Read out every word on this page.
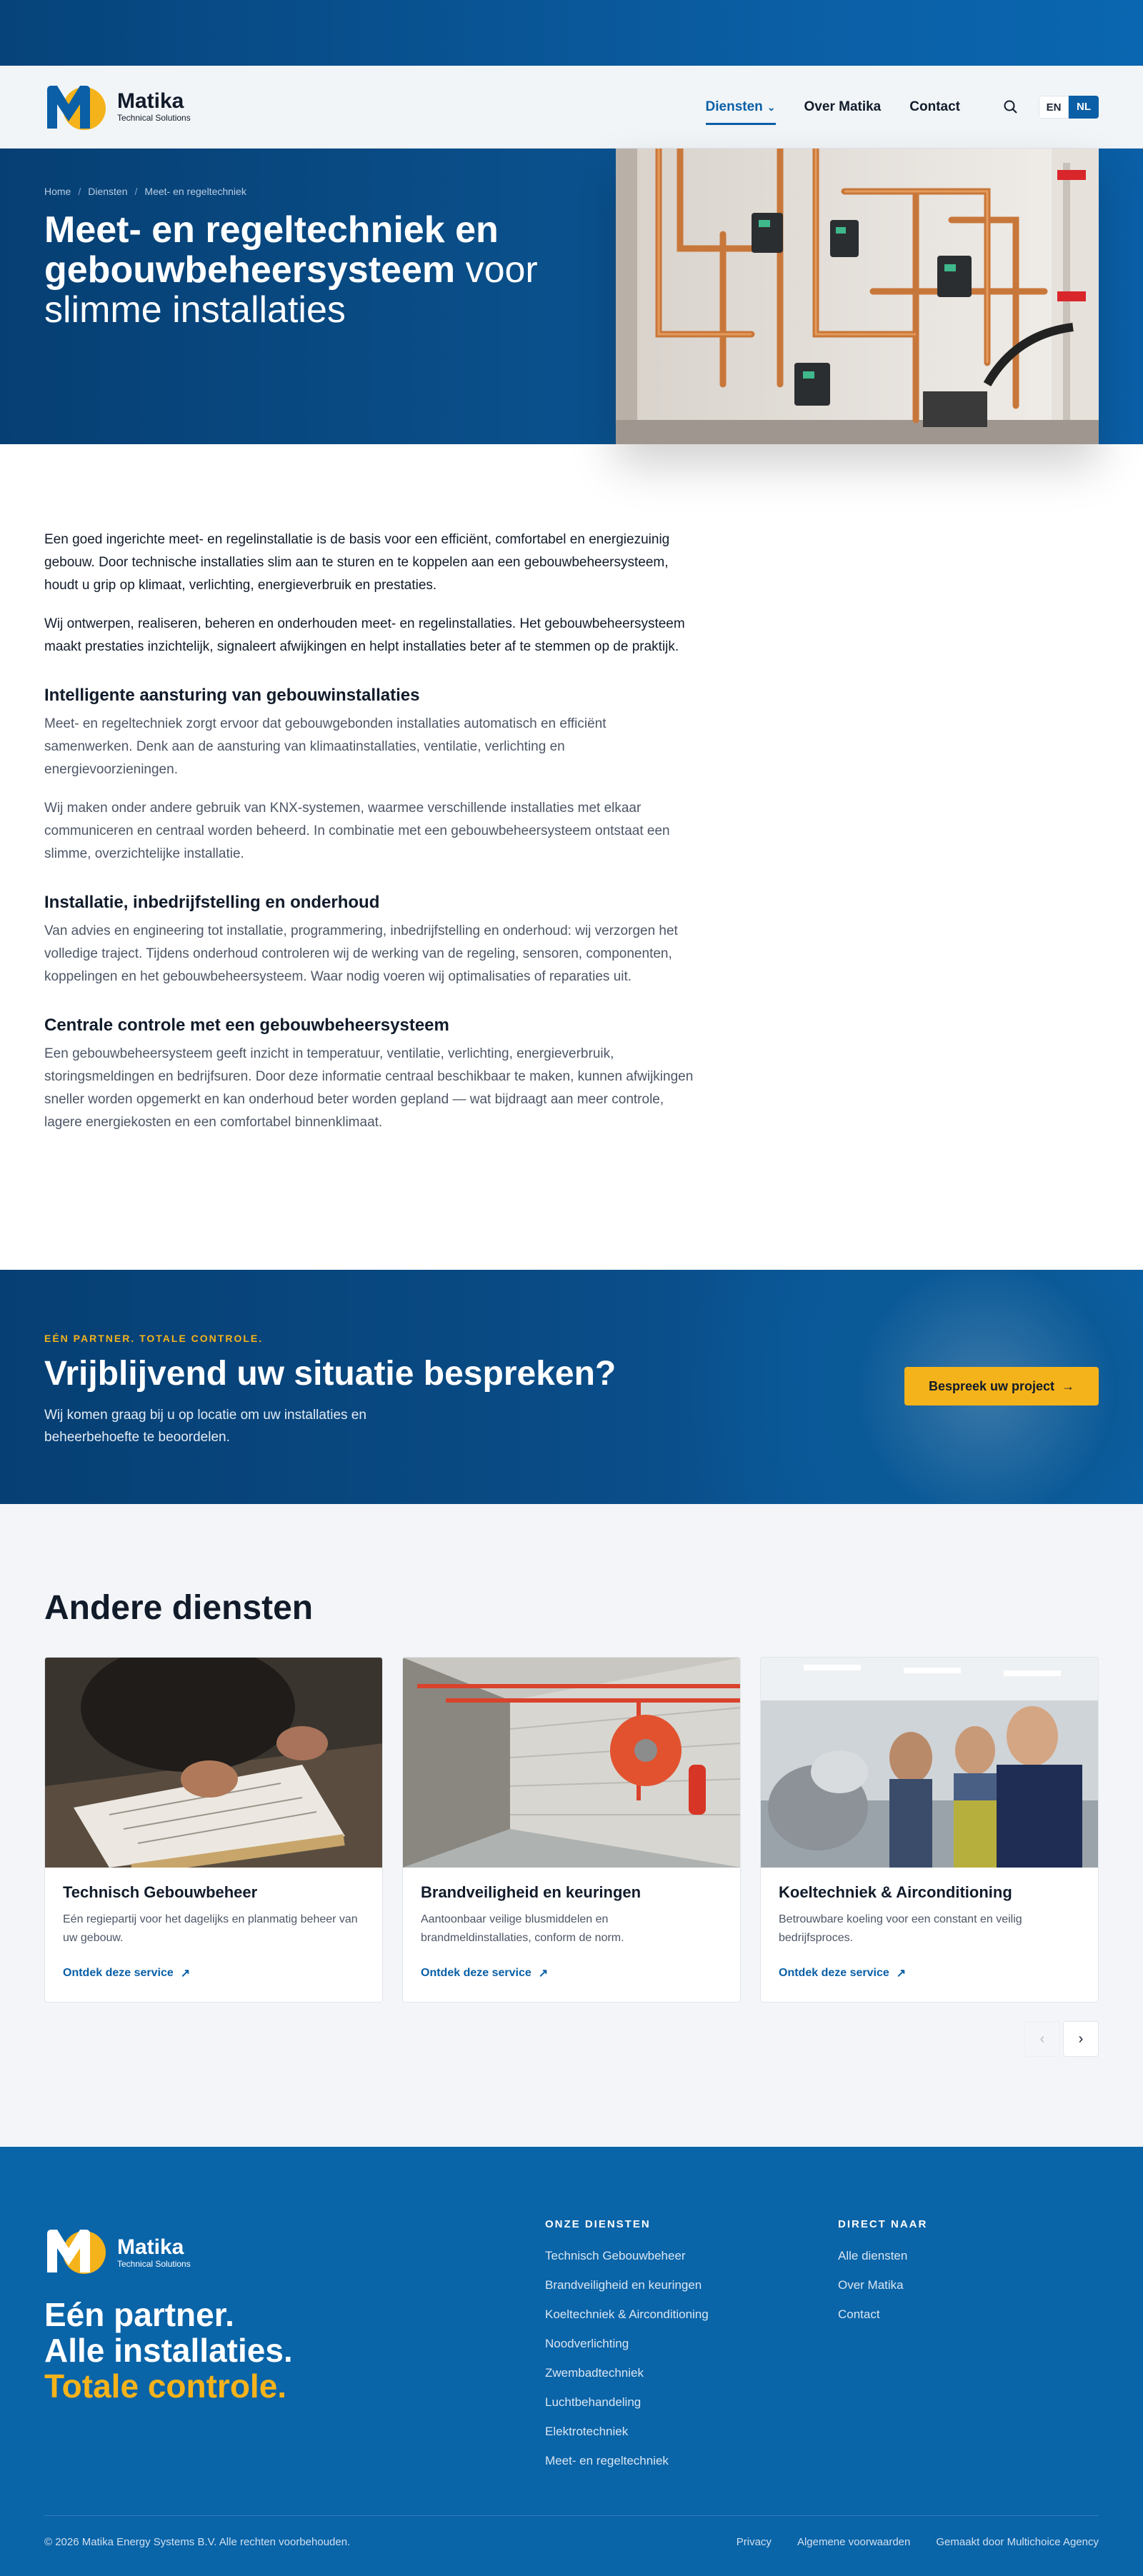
Matika
Technical Solutions
Diensten ⌄ Over Matika Contact	EN	NL
Home / Diensten / Meet- en regeltechniek
Meet- en regeltechniek en gebouwbeheersysteem voor slimme installaties

Een goed ingerichte meet- en regelinstallatie is de basis voor een efficiënt, comfortabel en energiezuinig gebouw. Door technische installaties slim aan te sturen en te koppelen aan een gebouwbeheersysteem, houdt u grip op klimaat, verlichting, energieverbruik en prestaties.

Wij ontwerpen, realiseren, beheren en onderhouden meet- en regelinstallaties. Het gebouwbeheersysteem maakt prestaties inzichtelijk, signaleert afwijkingen en helpt installaties beter af te stemmen op de praktijk.

Intelligente aansturing van gebouwinstallaties

Meet- en regeltechniek zorgt ervoor dat gebouwgebonden installaties automatisch en efficiënt samenwerken. Denk aan de aansturing van klimaatinstallaties, ventilatie, verlichting en energievoorzieningen.

Wij maken onder andere gebruik van KNX-systemen, waarmee verschillende installaties met elkaar communiceren en centraal worden beheerd. In combinatie met een gebouwbeheersysteem ontstaat een slimme, overzichtelijke installatie.

Installatie, inbedrijfstelling en onderhoud

Van advies en engineering tot installatie, programmering, inbedrijfstelling en onderhoud: wij verzorgen het volledige traject. Tijdens onderhoud controleren wij de werking van de regeling, sensoren, componenten, koppelingen en het gebouwbeheersysteem. Waar nodig voeren wij optimalisaties of reparaties uit.

Centrale controle met een gebouwbeheersysteem

Een gebouwbeheersysteem geeft inzicht in temperatuur, ventilatie, verlichting, energieverbruik, storingsmeldingen en bedrijfsuren. Door deze informatie centraal beschikbaar te maken, kunnen afwijkingen sneller worden opgemerkt en kan onderhoud beter worden gepland — wat bijdraagt aan meer controle, lagere energiekosten en een comfortabel binnenklimaat.

EÉN PARTNER. TOTALE CONTROLE.
Vrijblijvend uw situatie bespreken?

Wij komen graag bij u op locatie om uw installaties en beheerbehoefte te beoordelen.

Bespreek uw project →
Andere diensten
Technisch Gebouwbeheer

Eén regiepartij voor het dagelijks en planmatig beheer van uw gebouw.

Ontdek deze service ↗
Brandveiligheid en keuringen

Aantoonbaar veilige blusmiddelen en brandmeldinstallaties, conform de norm.

Ontdek deze service ↗
Koeltechniek & Airconditioning

Betrouwbare koeling voor een constant en veilig bedrijfsproces.

Ontdek deze service ↗
‹ ›
Matika
Technical Solutions
Eén partner.
Alle installaties.
Totale controle.
ONZE DIENSTEN
Technisch Gebouwbeheer
Brandveiligheid en keuringen
Koeltechniek & Airconditioning
Noodverlichting
Zwembadtechniek
Luchtbehandeling
Elektrotechniek
Meet- en regeltechniek
DIRECT NAAR
Alle diensten
Over Matika
Contact
© 2026 Matika Energy Systems B.V. Alle rechten voorbehouden.	Privacy Algemene voorwaarden Gemaakt door Multichoice Agency
